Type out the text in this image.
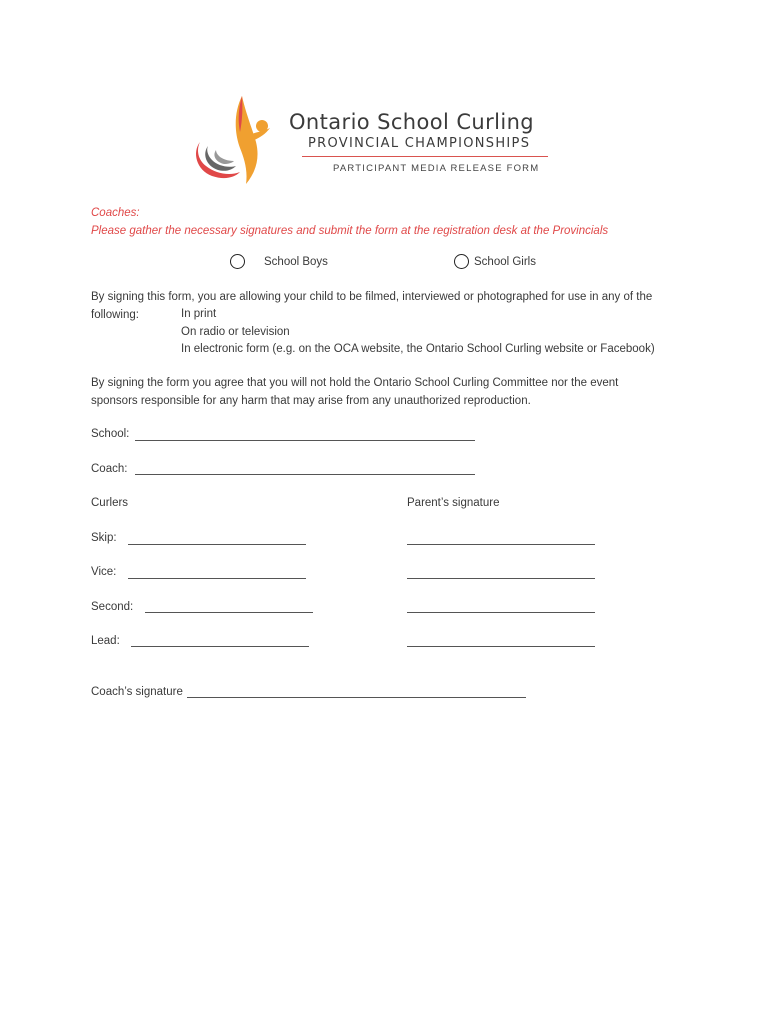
Ontario School Curling
PROVINCIAL CHAMPIONSHIPS
PARTICIPANT MEDIA RELEASE FORM
Coaches:
Please gather the necessary signatures and submit the form at the registration desk at the Provincials
School Boys	School Girls
By signing this form, you are allowing your child to be filmed, interviewed or photographed for use in any of the
following:	In print
On radio or television
In electronic form (e.g. on the OCA website, the Ontario School Curling website or Facebook)
By signing the form you agree that you will not hold the Ontario School Curling Committee nor the event
sponsors responsible for any harm that may arise from any unauthorized reproduction.
School:
Coach:
Curlers	Parent’s signature
Skip:
Vice:
Second:
Lead:
Coach’s signature
